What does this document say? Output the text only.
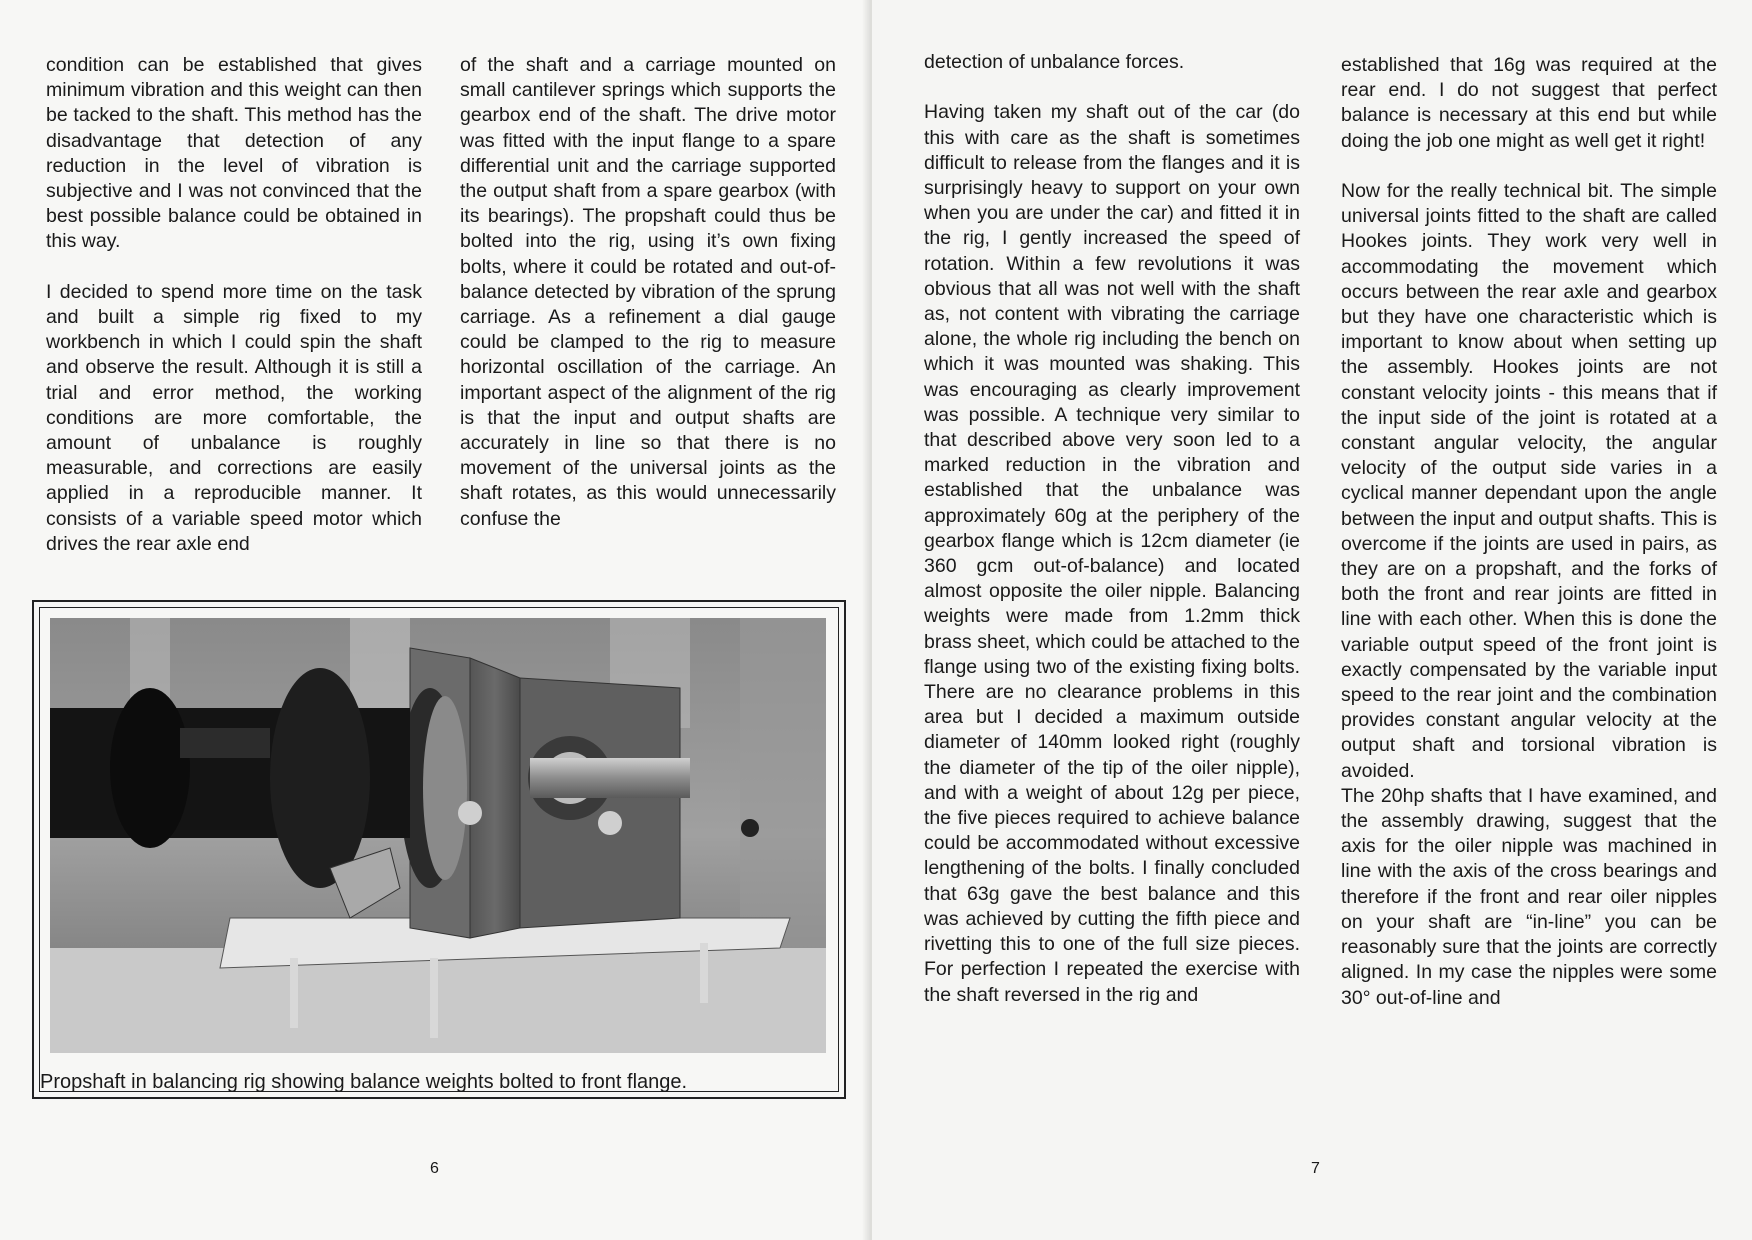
condition can be established that gives minimum vibration and this weight can then be tacked to the shaft. This method has the disadvantage that detection of any reduction in the level of vibration is subjective and I was not convinced that the best possible balance could be obtained in this way.

I decided to spend more time on the task and built a simple rig fixed to my workbench in which I could spin the shaft and observe the result. Although it is still a trial and error method, the working conditions are more comfortable, the amount of unbalance is roughly measurable, and corrections are easily applied in a reproducible manner. It consists of a variable speed motor which drives the rear axle end

of the shaft and a carriage mounted on small cantilever springs which supports the gearbox end of the shaft. The drive motor was fitted with the input flange to a spare differential unit and the carriage supported the output shaft from a spare gearbox (with its bearings). The propshaft could thus be bolted into the rig, using it’s own fixing bolts, where it could be rotated and out-of-balance detected by vibration of the sprung carriage. As a refinement a dial gauge could be clamped to the rig to measure horizontal oscillation of the carriage. An important aspect of the alignment of the rig is that the input and output shafts are accurately in line so that there is no movement of the universal joints as the shaft rotates, as this would unnecessarily confuse the

Propshaft in balancing rig showing balance weights bolted to front flange.
6	7

detection of unbalance forces.

Having taken my shaft out of the car (do this with care as the shaft is sometimes difficult to release from the flanges and it is surprisingly heavy to support on your own when you are under the car) and fitted it in the rig, I gently increased the speed of rotation. Within a few revolutions it was obvious that all was not well with the shaft as, not content with vibrating the carriage alone, the whole rig including the bench on which it was mounted was shaking. This was encouraging as clearly improvement was possible. A technique very similar to that described above very soon led to a marked reduction in the vibration and established that the unbalance was approximately 60g at the periphery of the gearbox flange which is 12cm diameter (ie 360 gcm out-of-balance) and located almost opposite the oiler nipple. Balancing weights were made from 1.2mm thick brass sheet, which could be attached to the flange using two of the existing fixing bolts. There are no clearance problems in this area but I decided a maximum outside diameter of 140mm looked right (roughly the diameter of the tip of the oiler nipple), and with a weight of about 12g per piece, the five pieces required to achieve balance could be accommodated without excessive lengthening of the bolts. I finally concluded that 63g gave the best balance and this was achieved by cutting the fifth piece and rivetting this to one of the full size pieces. For perfection I repeated the exercise with the shaft reversed in the rig and

established that 16g was required at the rear end. I do not suggest that perfect balance is necessary at this end but while doing the job one might as well get it right!

Now for the really technical bit. The simple universal joints fitted to the shaft are called Hookes joints. They work very well in accommodating the movement which occurs between the rear axle and gearbox but they have one characteristic which is important to know about when setting up the assembly. Hookes joints are not constant velocity joints - this means that if the input side of the joint is rotated at a constant angular velocity, the angular velocity of the output side varies in a cyclical manner dependant upon the angle between the input and output shafts. This is overcome if the joints are used in pairs, as they are on a propshaft, and the forks of both the front and rear joints are fitted in line with each other. When this is done the variable output speed of the front joint is exactly compensated by the variable input speed to the rear joint and the combination provides constant angular velocity at the output shaft and torsional vibration is avoided.

The 20hp shafts that I have examined, and the assembly drawing, suggest that the axis for the oiler nipple was machined in line with the axis of the cross bearings and therefore if the front and rear oiler nipples on your shaft are “in-line” you can be reasonably sure that the joints are correctly aligned. In my case the nipples were some 30° out-of-line and
